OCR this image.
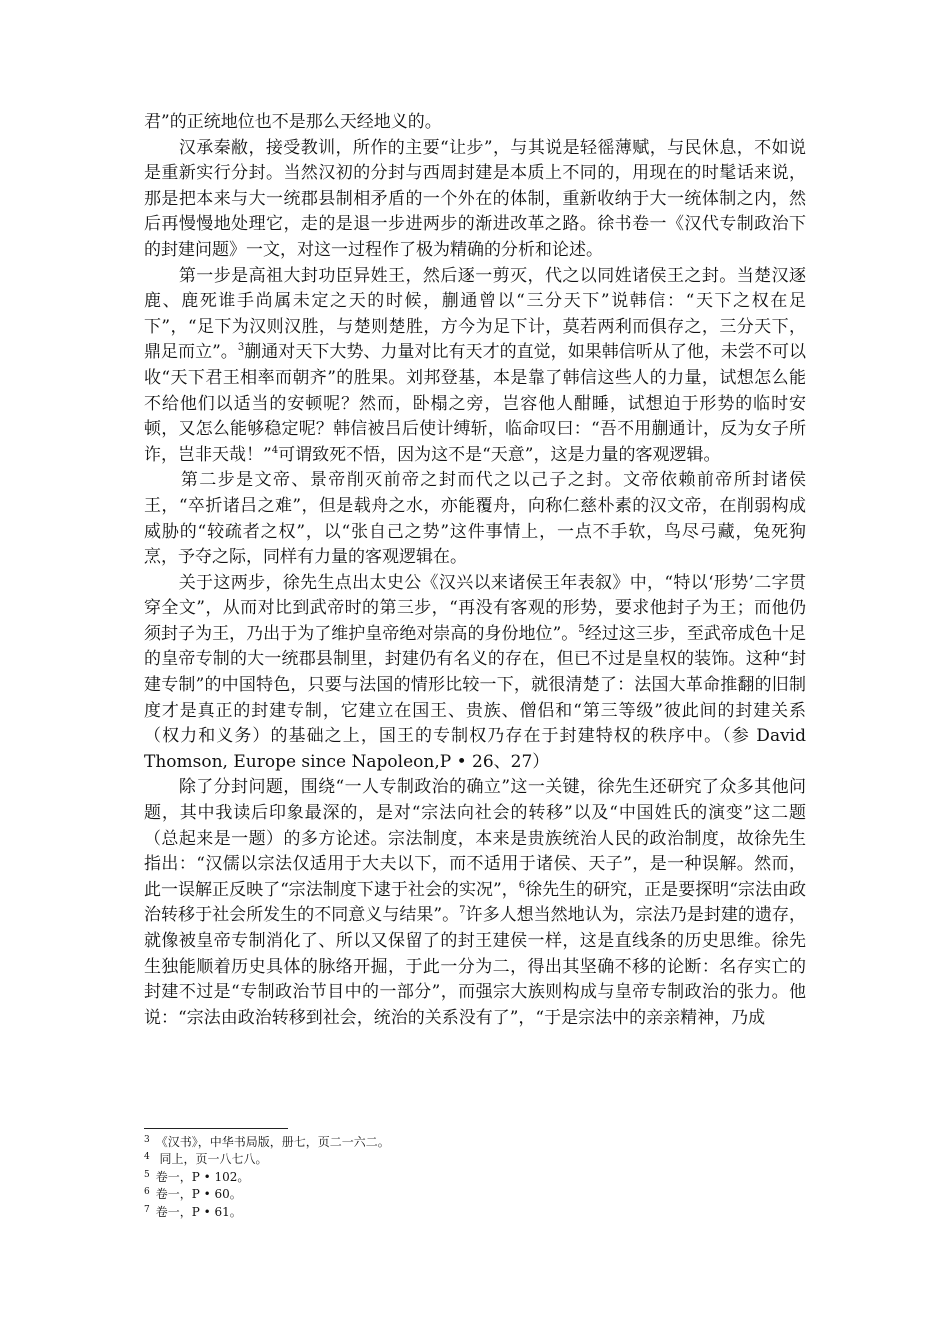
君”的正统地位也不是那么天经地义的。

　　汉承秦敝，接受教训，所作的主要“让步”，与其说是轻徭薄赋，与民休息，不如说是重新实行分封。当然汉初的分封与西周封建是本质上不同的，用现在的时髦话来说，那是把本来与大一统郡县制相矛盾的一个外在的体制，重新收纳于大一统体制之内，然后再慢慢地处理它，走的是退一步进两步的渐进改革之路。徐书卷一《汉代专制政治下的封建问题》一文，对这一过程作了极为精确的分析和论述。

　　第一步是高祖大封功臣异姓王，然后逐一剪灭，代之以同姓诸侯王之封。当楚汉逐鹿、鹿死谁手尚属未定之天的时候，蒯通曾以“三分天下”说韩信：“天下之权在足下”，“足下为汉则汉胜，与楚则楚胜，方今为足下计，莫若两利而俱存之，三分天下，鼎足而立”。$^3$蒯通对天下大势、力量对比有天才的直觉，如果韩信听从了他，未尝不可以收“天下君王相率而朝齐”的胜果。刘邦登基，本是靠了韩信这些人的力量，试想怎么能不给他们以适当的安顿呢？然而，卧榻之旁，岂容他人酣睡，试想迫于形势的临时安顿，又怎么能够稳定呢？韩信被吕后使计缚斩，临命叹曰：“吾不用蒯通计，反为女子所诈，岂非天哉！”$^4$可谓致死不悟，因为这不是“天意”，这是力量的客观逻辑。

　　第二步是文帝、景帝削灭前帝之封而代之以己子之封。文帝依赖前帝所封诸侯王，“卒折诸吕之难”，但是载舟之水，亦能覆舟，向称仁慈朴素的汉文帝，在削弱构成威胁的“较疏者之权”，以“张自己之势”这件事情上，一点不手软，鸟尽弓藏，兔死狗烹，予夺之际，同样有力量的客观逻辑在。

　　关于这两步，徐先生点出太史公《汉兴以来诸侯王年表叙》中，“特以‘形势’二字贯穿全文”，从而对比到武帝时的第三步，“再没有客观的形势，要求他封子为王；而他仍须封子为王，乃出于为了维护皇帝绝对崇高的身份地位”。$^5$经过这三步，至武帝成色十足的皇帝专制的大一统郡县制里，封建仍有名义的存在，但已不过是皇权的装饰。这种“封建专制”的中国特色，只要与法国的情形比较一下，就很清楚了：法国大革命推翻的旧制度才是真正的封建专制，它建立在国王、贵族、僧侣和“第三等级”彼此间的封建关系（权力和义务）的基础之上，国王的专制权乃存在于封建特权的秩序中。（参 David Thomson, Europe since Napoleon,P • 26、27）

　　除了分封问题，围绕“一人专制政治的确立”这一关键，徐先生还研究了众多其他问题，其中我读后印象最深的，是对“宗法向社会的转移”以及“中国姓氏的演变”这二题（总起来是一题）的多方论述。宗法制度，本来是贵族统治人民的政治制度，故徐先生指出：“汉儒以宗法仅适用于大夫以下，而不适用于诸侯、天子”，是一种误解。然而，此一误解正反映了“宗法制度下逮于社会的实况”，$^6$徐先生的研究，正是要探明“宗法由政治转移于社会所发生的不同意义与结果”。$^7$许多人想当然地认为，宗法乃是封建的遗存，就像被皇帝专制消化了、所以又保留了的封王建侯一样，这是直线条的历史思维。徐先生独能顺着历史具体的脉络开掘，于此一分为二，得出其坚确不移的论断：名存实亡的封建不过是“专制政治节目中的一部分”，而强宗大族则构成与皇帝专制政治的张力。他说：“宗法由政治转移到社会，统治的关系没有了”，“于是宗法中的亲亲精神，乃成

$^3$ 《汉书》，中华书局版，册七，页二一六二。

$^4$ 同上，页一八七八。

$^5$ 卷一，P • 102。

$^6$ 卷一，P • 60。

$^7$ 卷一，P • 61。
